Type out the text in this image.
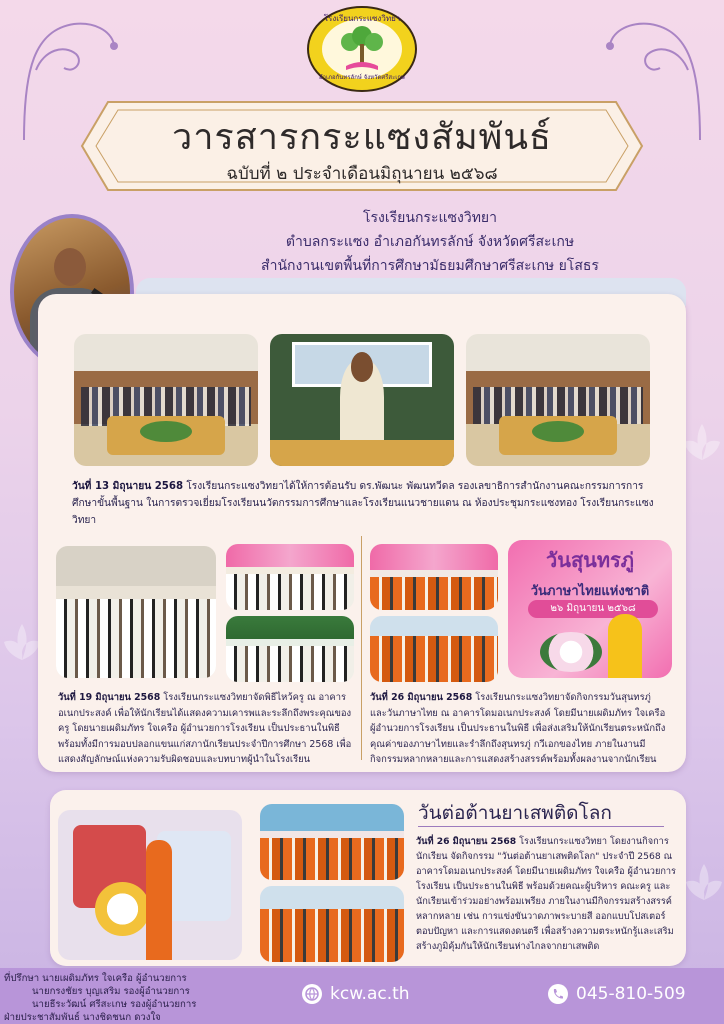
โรงเรียนกระแซงวิทยา
อำเภอกันทรลักษ์ จังหวัดศรีสะเกษ
วารสารกระแซงสัมพันธ์
ฉบับที่ ๒ ประจำเดือนมิถุนายน ๒๕๖๘
โรงเรียนกระแซงวิทยา
ตำบลกระแซง อำเภอกันทรลักษ์ จังหวัดศรีสะเกษ
สำนักงานเขตพื้นที่การศึกษามัธยมศึกษาศรีสะเกษ ยโสธร
วันที่ 13 มิถุนายน 2568 โรงเรียนกระแซงวิทยาได้ให้การต้อนรับ ดร.พัฒนะ พัฒนทวีดล รองเลขาธิการสำนักงานคณะกรรมการการศึกษาขั้นพื้นฐาน ในการตรวจเยี่ยมโรงเรียนนวัตกรรมการศึกษาและโรงเรียนแนวชายแดน ณ ห้องประชุมกระแซงทอง โรงเรียนกระแซงวิทยา
วันสุนทรภู่
วันภาษาไทยแห่งชาติ
๒๖ มิถุนายน ๒๕๖๘
วันที่ 19 มิถุนายน 2568 โรงเรียนกระแซงวิทยาจัดพิธีไหว้ครู ณ อาคารอเนกประสงค์ เพื่อให้นักเรียนได้แสดงความเคารพและระลึกถึงพระคุณของครู โดยนายเผดิมภัทร ใจเครือ ผู้อำนวยการโรงเรียน เป็นประธานในพิธี พร้อมทั้งมีการมอบปลอกแขนแก่สภานักเรียนประจำปีการศึกษา 2568 เพื่อแสดงสัญลักษณ์แห่งความรับผิดชอบและบทบาทผู้นำในโรงเรียน
วันที่ 26 มิถุนายน 2568 โรงเรียนกระแซงวิทยาจัดกิจกรรมวันสุนทรภู่และวันภาษาไทย ณ อาคารโดมอเนกประสงค์ โดยมีนายเผดิมภัทร ใจเครือ ผู้อำนวยการโรงเรียน เป็นประธานในพิธี เพื่อส่งเสริมให้นักเรียนตระหนักถึงคุณค่าของภาษาไทยและรำลึกถึงสุนทรภู่ กวีเอกของไทย ภายในงานมีกิจกรรมหลากหลายและการแสดงสร้างสรรค์พร้อมทั้งผลงานจากนักเรียน
วันต่อต้านยาเสพติดโลก
วันที่ 26 มิถุนายน 2568 โรงเรียนกระแซงวิทยา โดยงานกิจการนักเรียน จัดกิจกรรม "วันต่อต้านยาเสพติดโลก" ประจำปี 2568 ณ อาคารโดมอเนกประสงค์ โดยมีนายเผดิมภัทร ใจเครือ ผู้อำนวยการโรงเรียน เป็นประธานในพิธี พร้อมด้วยคณะผู้บริหาร คณะครู และนักเรียนเข้าร่วมอย่างพร้อมเพรียง ภายในงานมีกิจกรรมสร้างสรรค์หลากหลาย เช่น การแข่งขันวาดภาพระบายสี ออกแบบโปสเตอร์ ตอบปัญหา และการแสดงดนตรี เพื่อสร้างความตระหนักรู้และเสริมสร้างภูมิคุ้มกันให้นักเรียนห่างไกลจากยาเสพติด
ที่ปรึกษา นายเผดิมภัทร ใจเครือ ผู้อำนวยการ
นายกรงชัยร บุญเสริม รองผู้อำนวยการ
นายธีระวัฒน์ ศรีสะเกษ รองผู้อำนวยการ
ฝ่ายประชาสัมพันธ์ นางชิดชนก ดวงใจ
kcw.ac.th	045-810-509
